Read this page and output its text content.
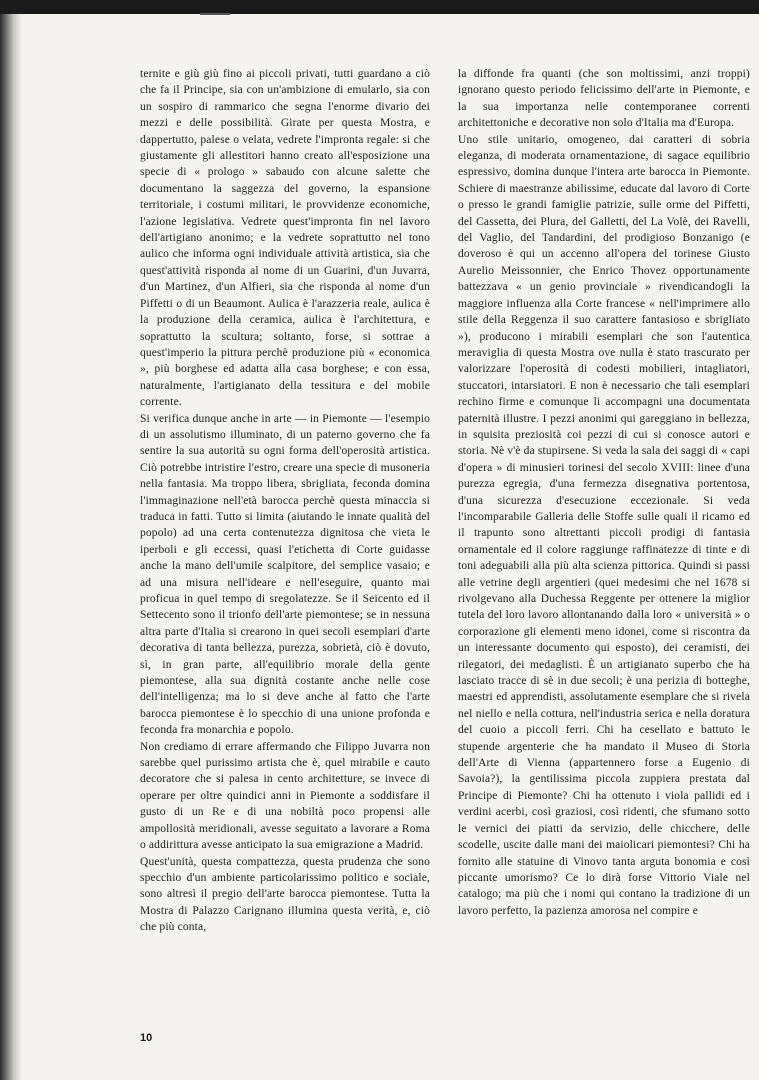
ternite e giù giù fino ai piccoli privati, tutti guardano a ciò che fa il Principe, sia con un'ambizione di emularlo, sia con un sospiro di rammarico che segna l'enorme divario dei mezzi e delle possibilità. Girate per questa Mostra, e dappertutto, palese o velata, vedrete l'impronta regale: si che giustamente gli allestitori hanno creato all'esposizione una specie di « prologo » sabaudo con alcune salette che documentano la saggezza del governo, la espansione territoriale, i costumi militari, le provvidenze economiche, l'azione legislativa. Vedrete quest'impronta fin nel lavoro dell'artigiano anonimo; e la vedrete soprattutto nel tono aulico che informa ogni individuale attività artistica, sia che quest'attività risponda al nome di un Guarini, d'un Juvarra, d'un Martinez, d'un Alfieri, sia che risponda al nome d'un Piffetti o di un Beaumont. Aulica è l'arazzeria reale, aulica è la produzione della ceramica, aulica è l'architettura, e soprattutto la scultura; soltanto, forse, si sottrae a quest'imperio la pittura perchè produzione più « economica », più borghese ed adatta alla casa borghese; e con essa, naturalmente, l'artigianato della tessitura e del mobile corrente.

Si verifica dunque anche in arte — in Piemonte — l'esempio di un assolutismo illuminato, di un paterno governo che fa sentire la sua autorità su ogni forma dell'operosità artistica. Ciò potrebbe intristire l'estro, creare una specie di musoneria nella fantasia. Ma troppo libera, sbrigliata, feconda domina l'immaginazione nell'età barocca perchè questa minaccia si traduca in fatti. Tutto si limita (aiutando le innate qualità del popolo) ad una certa contenutezza dignitosa che vieta le iperboli e gli eccessi, quasi l'etichetta di Corte guidasse anche la mano dell'umile scalpitore, del semplice vasaio; e ad una misura nell'ideare e nell'eseguire, quanto mai proficua in quel tempo di sregolatezze. Se il Seicento ed il Settecento sono il trionfo dell'arte piemontese; se in nessuna altra parte d'Italia si crearono in quei secoli esemplari d'arte decorativa di tanta bellezza, purezza, sobrietà, ciò è dovuto, sì, in gran parte, all'equilibrio morale della gente piemontese, alla sua dignità costante anche nelle cose dell'intelligenza; ma lo si deve anche al fatto che l'arte barocca piemontese è lo specchio di una unione profonda e feconda fra monarchia e popolo.

Non crediamo di errare affermando che Filippo Juvarra non sarebbe quel purissimo artista che è, quel mirabile e cauto decoratore che si palesa in cento architetture, se invece di operare per oltre quindici anni in Piemonte a soddisfare il gusto di un Re e di una nobiltà poco propensi alle ampollosità meridionali, avesse seguitato a lavorare a Roma o addirittura avesse anticipato la sua emigrazione a Madrid.

Quest'unità, questa compattezza, questa prudenza che sono specchio d'un ambiente particolarissimo politico e sociale, sono altresì il pregio dell'arte barocca piemontese. Tutta la Mostra di Palazzo Carignano illumina questa verità, e, ciò che più conta,

la diffonde fra quanti (che son moltissimi, anzi troppi) ignorano questo periodo felicissimo dell'arte in Piemonte, e la sua importanza nelle contemporanee correnti architettoniche e decorative non solo d'Italia ma d'Europa.

Uno stile unitario, omogeneo, dai caratteri di sobria eleganza, di moderata ornamentazione, di sagace equilibrio espressivo, domina dunque l'intera arte barocca in Piemonte. Schiere di maestranze abilissime, educate dal lavoro di Corte o presso le grandi famiglie patrizie, sulle orme del Piffetti, del Cassetta, dei Plura, del Galletti, del La Volè, dei Ravelli, del Vaglio, del Tandardini, del prodigioso Bonzanigo (e doveroso è qui un accenno all'opera del torinese Giusto Aurelio Meissonnier, che Enrico Thovez opportunamente battezzava « un genio provinciale » rivendicandogli la maggiore influenza alla Corte francese « nell'imprimere allo stile della Reggenza il suo carattere fantasioso e sbrigliato »), producono i mirabili esemplari che son l'autentica meraviglia di questa Mostra ove nulla è stato trascurato per valorizzare l'operosità di codesti mobilieri, intagliatori, stuccatori, intarsiatori. E non è necessario che tali esemplari rechino firme e comunque li accompagni una documentata paternità illustre. I pezzi anonimi qui gareggiano in bellezza, in squisita preziosità coi pezzi di cui si conosce autori e storia. Nè v'è da stupirsene. Si veda la sala dei saggi di « capi d'opera » di minusieri torinesi del secolo XVIII: linee d'una purezza egregia, d'una fermezza disegnativa portentosa, d'una sicurezza d'esecuzione eccezionale. Si veda l'incomparabile Galleria delle Stoffe sulle quali il ricamo ed il trapunto sono altrettanti piccoli prodigi di fantasia ornamentale ed il colore raggiunge raffinatezze di tinte e di toni adeguabili alla più alta scienza pittorica. Quindi si passi alle vetrine degli argentieri (quei medesimi che nel 1678 si rivolgevano alla Duchessa Reggente per ottenere la miglior tutela del loro lavoro allontanando dalla loro « università » o corporazione gli elementi meno idonei, come si riscontra da un interessante documento qui esposto), dei ceramisti, dei rilegatori, dei medaglisti. È un artigianato superbo che ha lasciato tracce di sè in due secoli; è una perizia di botteghe, maestri ed apprendisti, assolutamente esemplare che si rivela nel niello e nella cottura, nell'industria serica e nella doratura del cuoio a piccoli ferri. Chi ha cesellato e battuto le stupende argenterie che ha mandato il Museo di Storia dell'Arte di Vienna (appartennero forse a Eugenio di Savoia?), la gentilissima piccola zuppiera prestata dal Principe di Piemonte? Chi ha ottenuto i viola pallidi ed i verdini acerbi, così graziosi, così ridenti, che sfumano sotto le vernici dei piatti da servizio, delle chicchere, delle scodelle, uscite dalle mani dei maiolicari piemontesi? Chi ha fornito alle statuine di Vinovo tanta arguta bonomia e così piccante umorismo? Ce lo dirà forse Vittorio Viale nel catalogo; ma più che i nomi qui contano la tradizione di un lavoro perfetto, la pazienza amorosa nel compire e

10
